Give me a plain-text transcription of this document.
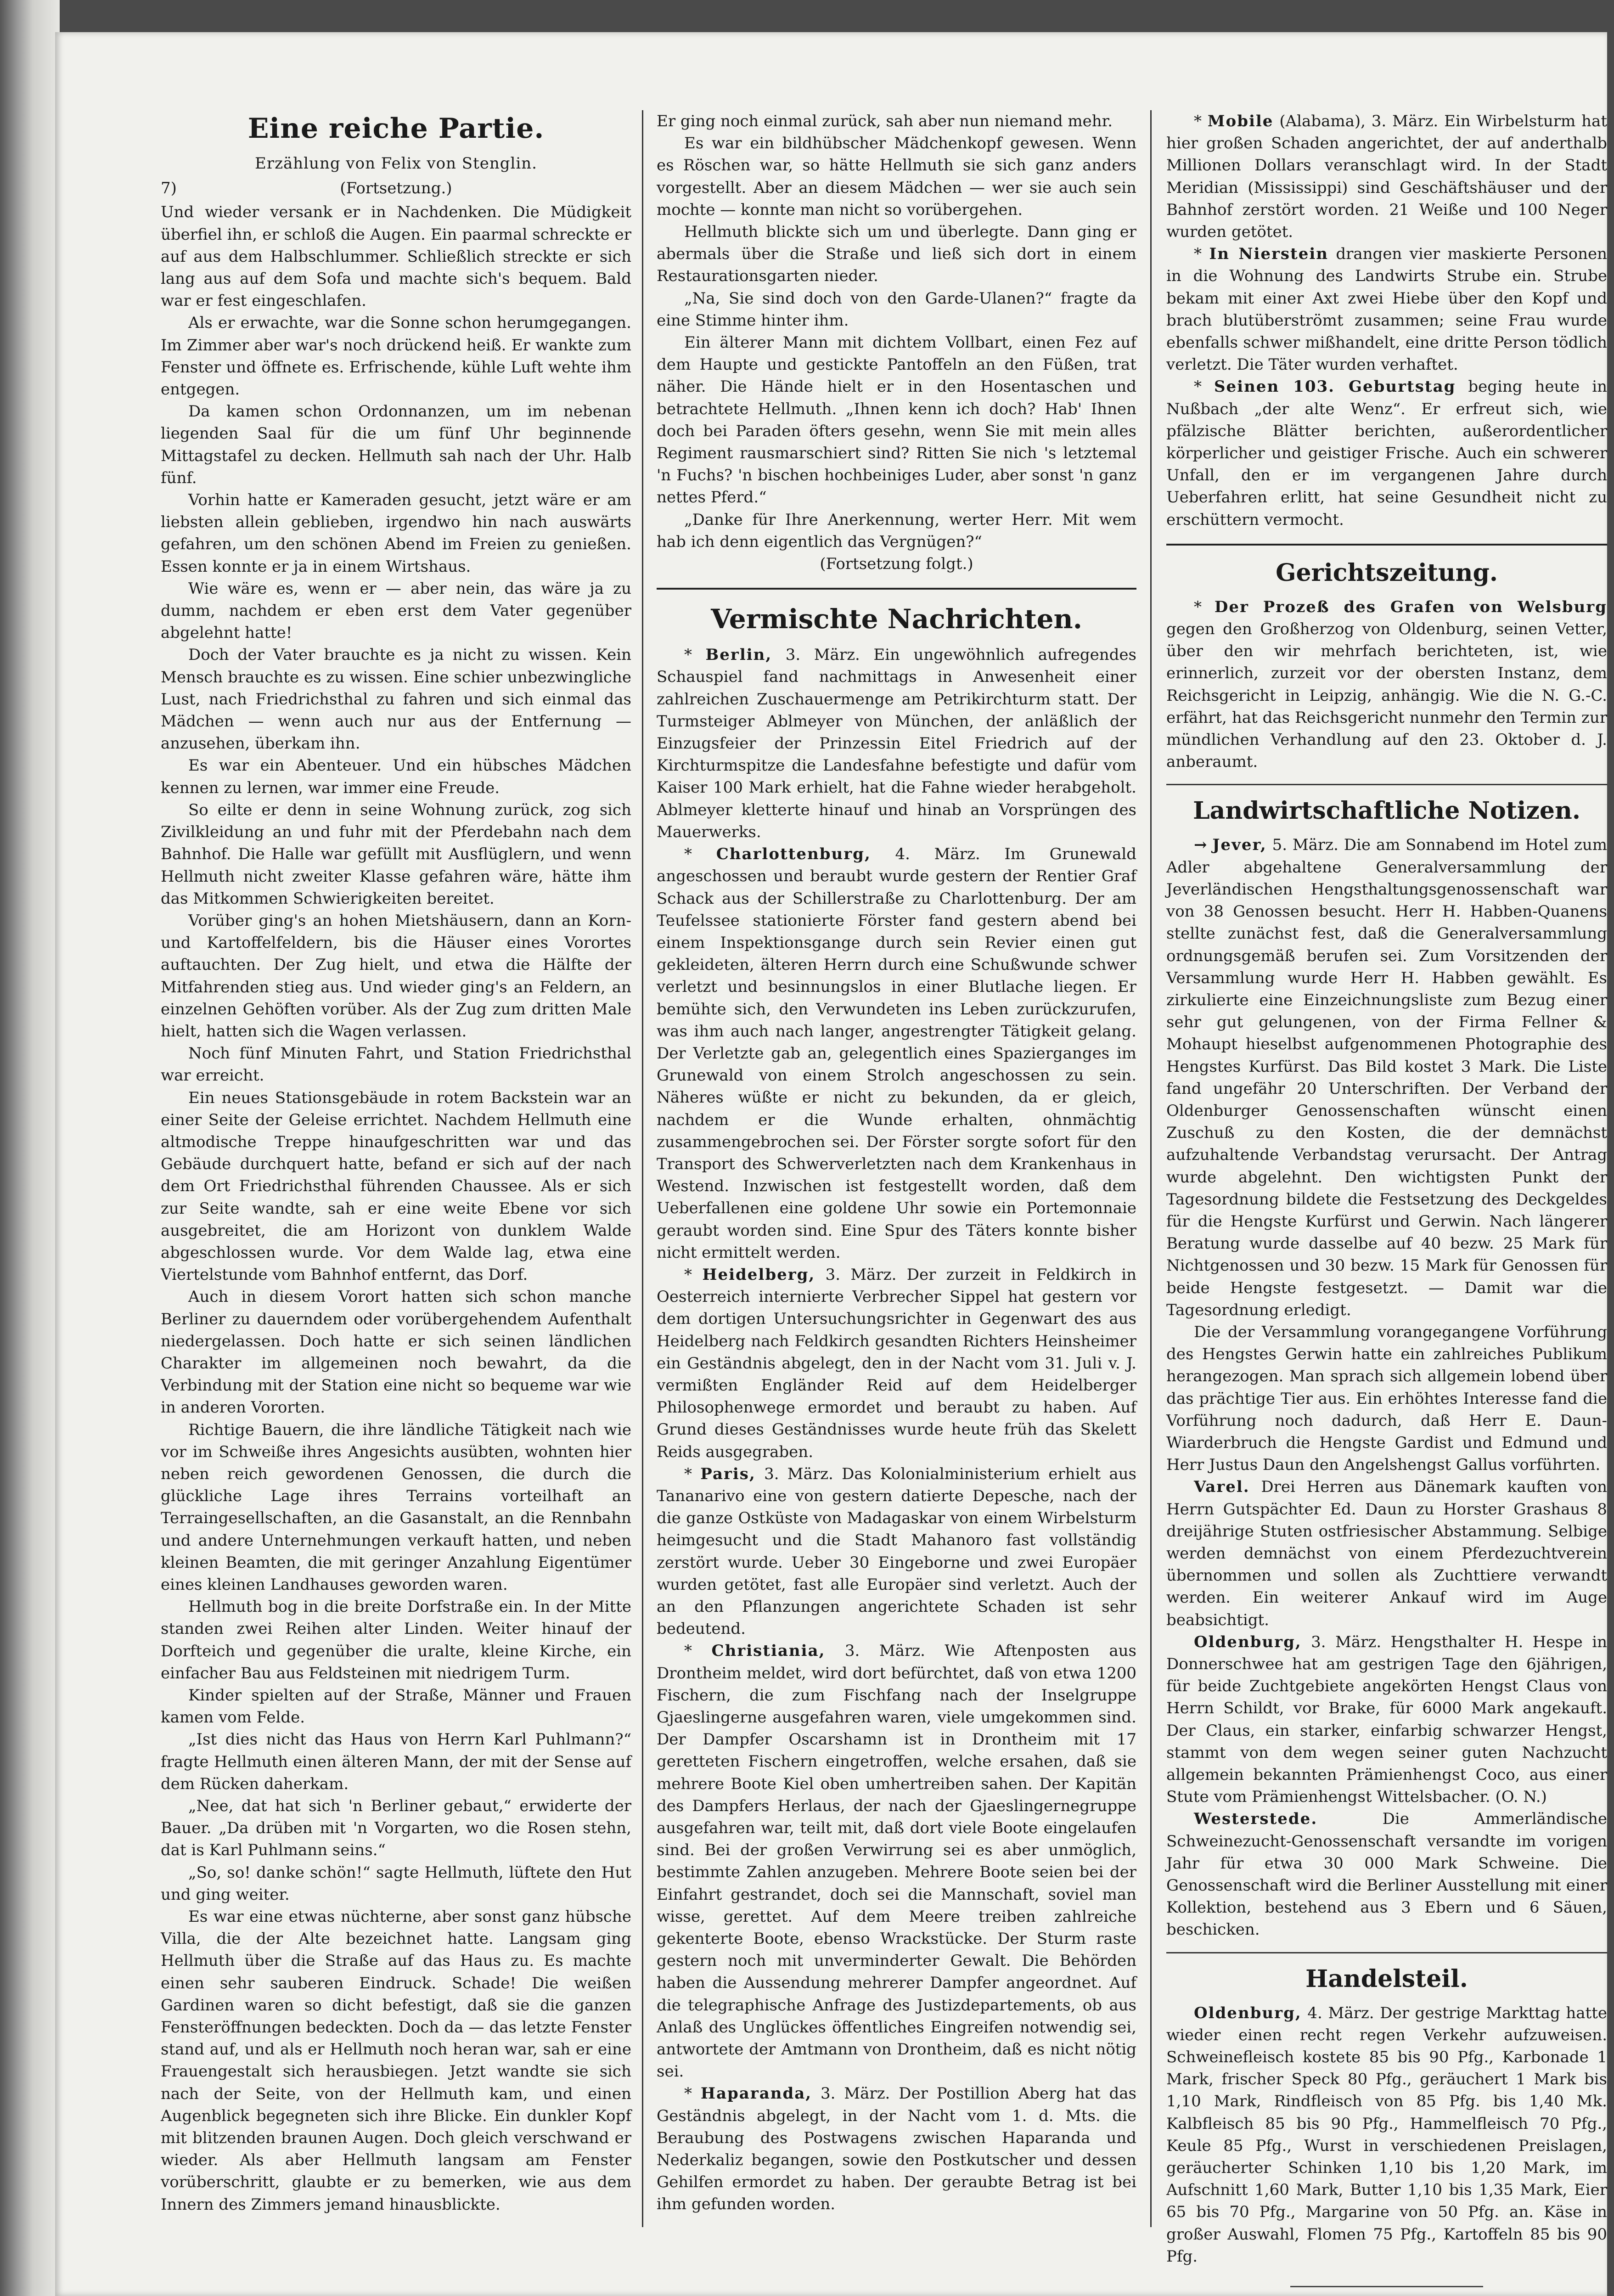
Eine reiche Partie.
Erzählung von Felix von Stenglin.
7)	(Fortsetzung.)

Und wieder versank er in Nachdenken. Die Müdigkeit überfiel ihn, er schloß die Augen. Ein paarmal schreckte er auf aus dem Halbschlummer. Schließlich streckte er sich lang aus auf dem Sofa und machte sich's bequem. Bald war er fest eingeschlafen.

Als er erwachte, war die Sonne schon herumgegangen. Im Zimmer aber war's noch drückend heiß. Er wankte zum Fenster und öffnete es. Erfrischende, kühle Luft wehte ihm entgegen.

Da kamen schon Ordonnanzen, um im nebenan liegenden Saal für die um fünf Uhr beginnende Mittagstafel zu decken. Hellmuth sah nach der Uhr. Halb fünf.

Vorhin hatte er Kameraden gesucht, jetzt wäre er am liebsten allein geblieben, irgendwo hin nach auswärts gefahren, um den schönen Abend im Freien zu genießen. Essen konnte er ja in einem Wirtshaus.

Wie wäre es, wenn er — aber nein, das wäre ja zu dumm, nachdem er eben erst dem Vater gegenüber abgelehnt hatte!

Doch der Vater brauchte es ja nicht zu wissen. Kein Mensch brauchte es zu wissen. Eine schier unbezwingliche Lust, nach Friedrichsthal zu fahren und sich einmal das Mädchen — wenn auch nur aus der Entfernung — anzusehen, überkam ihn.

Es war ein Abenteuer. Und ein hübsches Mädchen kennen zu lernen, war immer eine Freude.

So eilte er denn in seine Wohnung zurück, zog sich Zivilkleidung an und fuhr mit der Pferdebahn nach dem Bahnhof. Die Halle war gefüllt mit Ausflüglern, und wenn Hellmuth nicht zweiter Klasse gefahren wäre, hätte ihm das Mitkommen Schwierigkeiten bereitet.

Vorüber ging's an hohen Mietshäusern, dann an Korn- und Kartoffelfeldern, bis die Häuser eines Vorortes auftauchten. Der Zug hielt, und etwa die Hälfte der Mitfahrenden stieg aus. Und wieder ging's an Feldern, an einzelnen Gehöften vorüber. Als der Zug zum dritten Male hielt, hatten sich die Wagen verlassen.

Noch fünf Minuten Fahrt, und Station Friedrichsthal war erreicht.

Ein neues Stationsgebäude in rotem Backstein war an einer Seite der Geleise errichtet. Nachdem Hellmuth eine altmodische Treppe hinaufgeschritten war und das Gebäude durchquert hatte, befand er sich auf der nach dem Ort Friedrichsthal führenden Chaussee. Als er sich zur Seite wandte, sah er eine weite Ebene vor sich ausgebreitet, die am Horizont von dunklem Walde abgeschlossen wurde. Vor dem Walde lag, etwa eine Viertelstunde vom Bahnhof entfernt, das Dorf.

Auch in diesem Vorort hatten sich schon manche Berliner zu dauerndem oder vorübergehendem Aufenthalt niedergelassen. Doch hatte er sich seinen ländlichen Charakter im allgemeinen noch bewahrt, da die Verbindung mit der Station eine nicht so bequeme war wie in anderen Vororten.

Richtige Bauern, die ihre ländliche Tätigkeit nach wie vor im Schweiße ihres Angesichts ausübten, wohnten hier neben reich gewordenen Genossen, die durch die glückliche Lage ihres Terrains vorteilhaft an Terraingesellschaften, an die Gasanstalt, an die Rennbahn und andere Unternehmungen verkauft hatten, und neben kleinen Beamten, die mit geringer Anzahlung Eigentümer eines kleinen Landhauses geworden waren.

Hellmuth bog in die breite Dorfstraße ein. In der Mitte standen zwei Reihen alter Linden. Weiter hinauf der Dorfteich und gegenüber die uralte, kleine Kirche, ein einfacher Bau aus Feldsteinen mit niedrigem Turm.

Kinder spielten auf der Straße, Männer und Frauen kamen vom Felde.

„Ist dies nicht das Haus von Herrn Karl Puhlmann?“ fragte Hellmuth einen älteren Mann, der mit der Sense auf dem Rücken daherkam.

„Nee, dat hat sich 'n Berliner gebaut,“ erwiderte der Bauer. „Da drüben mit 'n Vorgarten, wo die Rosen stehn, dat is Karl Puhlmann seins.“

„So, so! danke schön!“ sagte Hellmuth, lüftete den Hut und ging weiter.

Es war eine etwas nüchterne, aber sonst ganz hübsche Villa, die der Alte bezeichnet hatte. Langsam ging Hellmuth über die Straße auf das Haus zu. Es machte einen sehr sauberen Eindruck. Schade! Die weißen Gardinen waren so dicht befestigt, daß sie die ganzen Fensteröffnungen bedeckten. Doch da — das letzte Fenster stand auf, und als er Hellmuth noch heran war, sah er eine Frauengestalt sich herausbiegen. Jetzt wandte sie sich nach der Seite, von der Hellmuth kam, und einen Augenblick begegneten sich ihre Blicke. Ein dunkler Kopf mit blitzenden braunen Augen. Doch gleich verschwand er wieder. Als aber Hellmuth langsam am Fenster vorüberschritt, glaubte er zu bemerken, wie aus dem Innern des Zimmers jemand hinausblickte.

Er ging noch einmal zurück, sah aber nun niemand mehr.

Es war ein bildhübscher Mädchenkopf gewesen. Wenn es Röschen war, so hätte Hellmuth sie sich ganz anders vorgestellt. Aber an diesem Mädchen — wer sie auch sein mochte — konnte man nicht so vorübergehen.

Hellmuth blickte sich um und überlegte. Dann ging er abermals über die Straße und ließ sich dort in einem Restaurationsgarten nieder.

„Na, Sie sind doch von den Garde-Ulanen?“ fragte da eine Stimme hinter ihm.

Ein älterer Mann mit dichtem Vollbart, einen Fez auf dem Haupte und gestickte Pantoffeln an den Füßen, trat näher. Die Hände hielt er in den Hosentaschen und betrachtete Hellmuth. „Ihnen kenn ich doch? Hab' Ihnen doch bei Paraden öfters gesehn, wenn Sie mit mein alles Regiment rausmarschiert sind? Ritten Sie nich 's letztemal 'n Fuchs? 'n bischen hochbeiniges Luder, aber sonst 'n ganz nettes Pferd.“

„Danke für Ihre Anerkennung, werter Herr. Mit wem hab ich denn eigentlich das Vergnügen?“

(Fortsetzung folgt.)

Vermischte Nachrichten.

* Berlin, 3. März. Ein ungewöhnlich aufregendes Schauspiel fand nachmittags in Anwesenheit einer zahlreichen Zuschauermenge am Petrikirchturm statt. Der Turmsteiger Ablmeyer von München, der anläßlich der Einzugsfeier der Prinzessin Eitel Friedrich auf der Kirchturmspitze die Landesfahne befestigte und dafür vom Kaiser 100 Mark erhielt, hat die Fahne wieder herabgeholt. Ablmeyer kletterte hinauf und hinab an Vorsprüngen des Mauerwerks.

* Charlottenburg, 4. März. Im Grunewald angeschossen und beraubt wurde gestern der Rentier Graf Schack aus der Schillerstraße zu Charlottenburg. Der am Teufelssee stationierte Förster fand gestern abend bei einem Inspektionsgange durch sein Revier einen gut gekleideten, älteren Herrn durch eine Schußwunde schwer verletzt und besinnungslos in einer Blutlache liegen. Er bemühte sich, den Verwundeten ins Leben zurückzurufen, was ihm auch nach langer, angestrengter Tätigkeit gelang. Der Verletzte gab an, gelegentlich eines Spazierganges im Grunewald von einem Strolch angeschossen zu sein. Näheres wüßte er nicht zu bekunden, da er gleich, nachdem er die Wunde erhalten, ohnmächtig zusammengebrochen sei. Der Förster sorgte sofort für den Transport des Schwerverletzten nach dem Krankenhaus in Westend. Inzwischen ist festgestellt worden, daß dem Ueberfallenen eine goldene Uhr sowie ein Portemonnaie geraubt worden sind. Eine Spur des Täters konnte bisher nicht ermittelt werden.

* Heidelberg, 3. März. Der zurzeit in Feldkirch in Oesterreich internierte Verbrecher Sippel hat gestern vor dem dortigen Untersuchungsrichter in Gegenwart des aus Heidelberg nach Feldkirch gesandten Richters Heinsheimer ein Geständnis abgelegt, den in der Nacht vom 31. Juli v. J. vermißten Engländer Reid auf dem Heidelberger Philosophenwege ermordet und beraubt zu haben. Auf Grund dieses Geständnisses wurde heute früh das Skelett Reids ausgegraben.

* Paris, 3. März. Das Kolonialministerium erhielt aus Tananarivo eine von gestern datierte Depesche, nach der die ganze Ostküste von Madagaskar von einem Wirbelsturm heimgesucht und die Stadt Mahanoro fast vollständig zerstört wurde. Ueber 30 Eingeborne und zwei Europäer wurden getötet, fast alle Europäer sind verletzt. Auch der an den Pflanzungen angerichtete Schaden ist sehr bedeutend.

* Christiania, 3. März. Wie Aftenposten aus Drontheim meldet, wird dort befürchtet, daß von etwa 1200 Fischern, die zum Fischfang nach der Inselgruppe Gjaeslingerne ausgefahren waren, viele umgekommen sind. Der Dampfer Oscarshamn ist in Drontheim mit 17 geretteten Fischern eingetroffen, welche ersahen, daß sie mehrere Boote Kiel oben umhertreiben sahen. Der Kapitän des Dampfers Herlaus, der nach der Gjaeslingernegruppe ausgefahren war, teilt mit, daß dort viele Boote eingelaufen sind. Bei der großen Verwirrung sei es aber unmöglich, bestimmte Zahlen anzugeben. Mehrere Boote seien bei der Einfahrt gestrandet, doch sei die Mannschaft, soviel man wisse, gerettet. Auf dem Meere treiben zahlreiche gekenterte Boote, ebenso Wrackstücke. Der Sturm raste gestern noch mit unverminderter Gewalt. Die Behörden haben die Aussendung mehrerer Dampfer angeordnet. Auf die telegraphische Anfrage des Justizdepartements, ob aus Anlaß des Unglückes öffentliches Eingreifen notwendig sei, antwortete der Amtmann von Drontheim, daß es nicht nötig sei.

* Haparanda, 3. März. Der Postillion Aberg hat das Geständnis abgelegt, in der Nacht vom 1. d. Mts. die Beraubung des Postwagens zwischen Haparanda und Nederkaliz begangen, sowie den Postkutscher und dessen Gehilfen ermordet zu haben. Der geraubte Betrag ist bei ihm gefunden worden.

* Mobile (Alabama), 3. März. Ein Wirbelsturm hat hier großen Schaden angerichtet, der auf anderthalb Millionen Dollars veranschlagt wird. In der Stadt Meridian (Mississippi) sind Geschäftshäuser und der Bahnhof zerstört worden. 21 Weiße und 100 Neger wurden getötet.

* In Nierstein drangen vier maskierte Personen in die Wohnung des Landwirts Strube ein. Strube bekam mit einer Axt zwei Hiebe über den Kopf und brach blutüberströmt zusammen; seine Frau wurde ebenfalls schwer mißhandelt, eine dritte Person tödlich verletzt. Die Täter wurden verhaftet.

* Seinen 103. Geburtstag beging heute in Nußbach „der alte Wenz“. Er erfreut sich, wie pfälzische Blätter berichten, außerordentlicher körperlicher und geistiger Frische. Auch ein schwerer Unfall, den er im vergangenen Jahre durch Ueberfahren erlitt, hat seine Gesundheit nicht zu erschüttern vermocht.

Gerichtszeitung.

* Der Prozeß des Grafen von Welsburg gegen den Großherzog von Oldenburg, seinen Vetter, über den wir mehrfach berichteten, ist, wie erinnerlich, zurzeit vor der obersten Instanz, dem Reichsgericht in Leipzig, anhängig. Wie die N. G.-C. erfährt, hat das Reichsgericht nunmehr den Termin zur mündlichen Verhandlung auf den 23. Oktober d. J. anberaumt.

Landwirtschaftliche Notizen.

→ Jever, 5. März. Die am Sonnabend im Hotel zum Adler abgehaltene Generalversammlung der Jeverländischen Hengsthaltungsgenossenschaft war von 38 Genossen besucht. Herr H. Habben-Quanens stellte zunächst fest, daß die Generalversammlung ordnungsgemäß berufen sei. Zum Vorsitzenden der Versammlung wurde Herr H. Habben gewählt. Es zirkulierte eine Einzeichnungsliste zum Bezug einer sehr gut gelungenen, von der Firma Fellner & Mohaupt hieselbst aufgenommenen Photographie des Hengstes Kurfürst. Das Bild kostet 3 Mark. Die Liste fand ungefähr 20 Unterschriften. Der Verband der Oldenburger Genossenschaften wünscht einen Zuschuß zu den Kosten, die der demnächst aufzuhaltende Verbandstag verursacht. Der Antrag wurde abgelehnt. Den wichtigsten Punkt der Tagesordnung bildete die Festsetzung des Deckgeldes für die Hengste Kurfürst und Gerwin. Nach längerer Beratung wurde dasselbe auf 40 bezw. 25 Mark für Nichtgenossen und 30 bezw. 15 Mark für Genossen für beide Hengste festgesetzt. — Damit war die Tagesordnung erledigt.

Die der Versammlung vorangegangene Vorführung des Hengstes Gerwin hatte ein zahlreiches Publikum herangezogen. Man sprach sich allgemein lobend über das prächtige Tier aus. Ein erhöhtes Interesse fand die Vorführung noch dadurch, daß Herr E. Daun-Wiarderbruch die Hengste Gardist und Edmund und Herr Justus Daun den Angelshengst Gallus vorführten.

Varel. Drei Herren aus Dänemark kauften von Herrn Gutspächter Ed. Daun zu Horster Grashaus 8 dreijährige Stuten ostfriesischer Abstammung. Selbige werden demnächst von einem Pferdezuchtverein übernommen und sollen als Zuchttiere verwandt werden. Ein weiterer Ankauf wird im Auge beabsichtigt.

Oldenburg, 3. März. Hengsthalter H. Hespe in Donnerschwee hat am gestrigen Tage den 6jährigen, für beide Zuchtgebiete angekörten Hengst Claus von Herrn Schildt, vor Brake, für 6000 Mark angekauft. Der Claus, ein starker, einfarbig schwarzer Hengst, stammt von dem wegen seiner guten Nachzucht allgemein bekannten Prämienhengst Coco, aus einer Stute vom Prämienhengst Wittelsbacher. (O. N.)

Westerstede. Die Ammerländische Schweinezucht-Genossenschaft versandte im vorigen Jahr für etwa 30 000 Mark Schweine. Die Genossenschaft wird die Berliner Ausstellung mit einer Kollektion, bestehend aus 3 Ebern und 6 Säuen, beschicken.

Handelsteil.

Oldenburg, 4. März. Der gestrige Markttag hatte wieder einen recht regen Verkehr aufzuweisen. Schweinefleisch kostete 85 bis 90 Pfg., Karbonade 1 Mark, frischer Speck 80 Pfg., geräuchert 1 Mark bis 1,10 Mark, Rindfleisch von 85 Pfg. bis 1,40 Mk. Kalbfleisch 85 bis 90 Pfg., Hammelfleisch 70 Pfg., Keule 85 Pfg., Wurst in verschiedenen Preislagen, geräucherter Schinken 1,10 bis 1,20 Mark, im Aufschnitt 1,60 Mark, Butter 1,10 bis 1,35 Mark, Eier 65 bis 70 Pfg., Margarine von 50 Pfg. an. Käse in großer Auswahl, Flomen 75 Pfg., Kartoffeln 85 bis 90 Pfg.
